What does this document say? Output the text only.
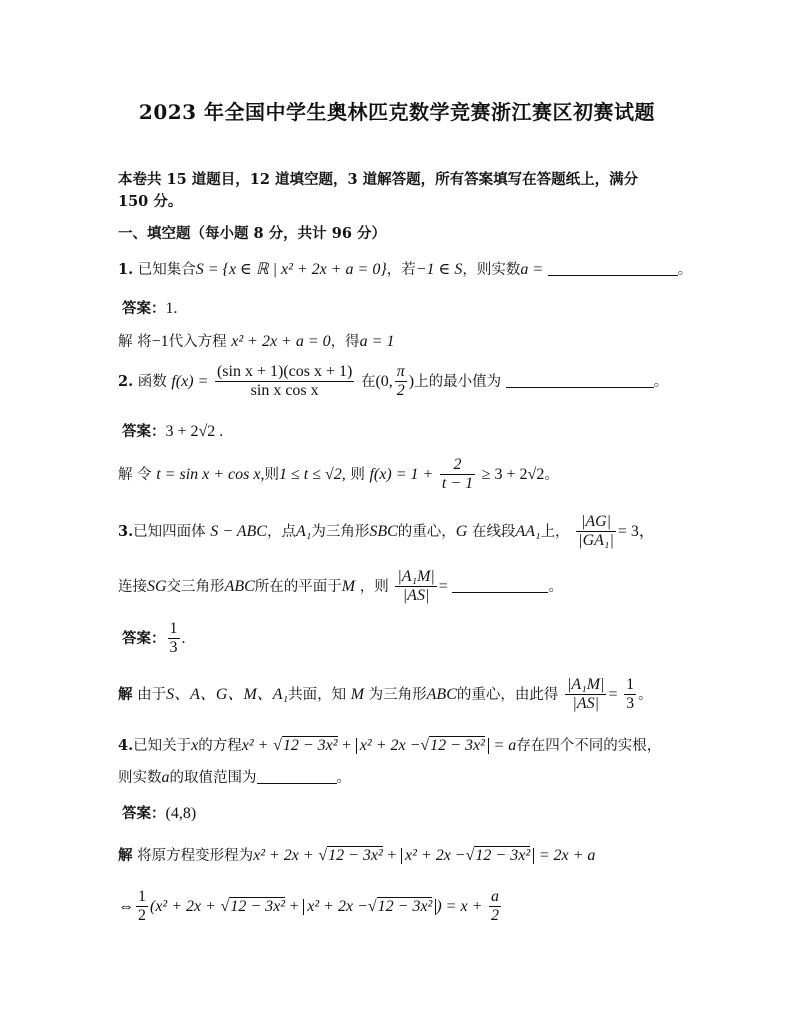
2023 年全国中学生奥林匹克数学竞赛浙江赛区初赛试题
本卷共 15 道题目，12 道填空题，3 道解答题，所有答案填写在答题纸上，满分
150 分。
一、填空题（每小题 8 分，共计 96 分）
1. 已知集合S = {x ∈ ℝ | x² + 2x + a = 0}，若−1 ∈ S，则实数a =	。
答案：1.
解 将−1代入方程 x² + 2x + a = 0，得a = 1
2. 函数 $f(x) = \frac{\text{(sin x + 1)(cos x + 1)}}{\text{sin x cos x}}$ 在(0, $\frac{\pi}{2}$ )上的最小值为	。
答案：3 + 2√2 .
解 令 t = sin x + cos x,则1 ≤ t ≤ √2, 则 $f(x) = 1 + \frac{2}{t - 1} \ge 3 + 2√2$。
3.已知四面体 S − ABC，点A₁为三角形SBC的重心，G 在线段AA₁上， $\frac{|AG|}{\text{|GA₁|}} = 3$，
连接SG交三角形ABC所在的平面于M ，则 $\frac{\text{|A₁M|}}{|AS|}$ =	。
答案： $\frac{1}{3}$ .
解 由于S、A、G、M、A₁共面，知 M 为三角形ABC的重心，由此得 $\frac{\text{|A₁M|}}{|AS|} = \frac{1}{3}$ 。
4.已知关于x的方程x² + √12 − 3x² + x² + 2x −√12 − 3x² = a存在四个不同的实根，
则实数a的取值范围为	。
答案：(4,8)
解 将原方程变形程为x² + 2x + √12 − 3x² + x² + 2x −√12 − 3x² = 2x + a
⇔ $\frac{1}{2} (x^2 + 2x + √12 - 3x^2 + x^2 + 2x -√12 - 3x^2$ ) = $x + \frac{a}{2}$
